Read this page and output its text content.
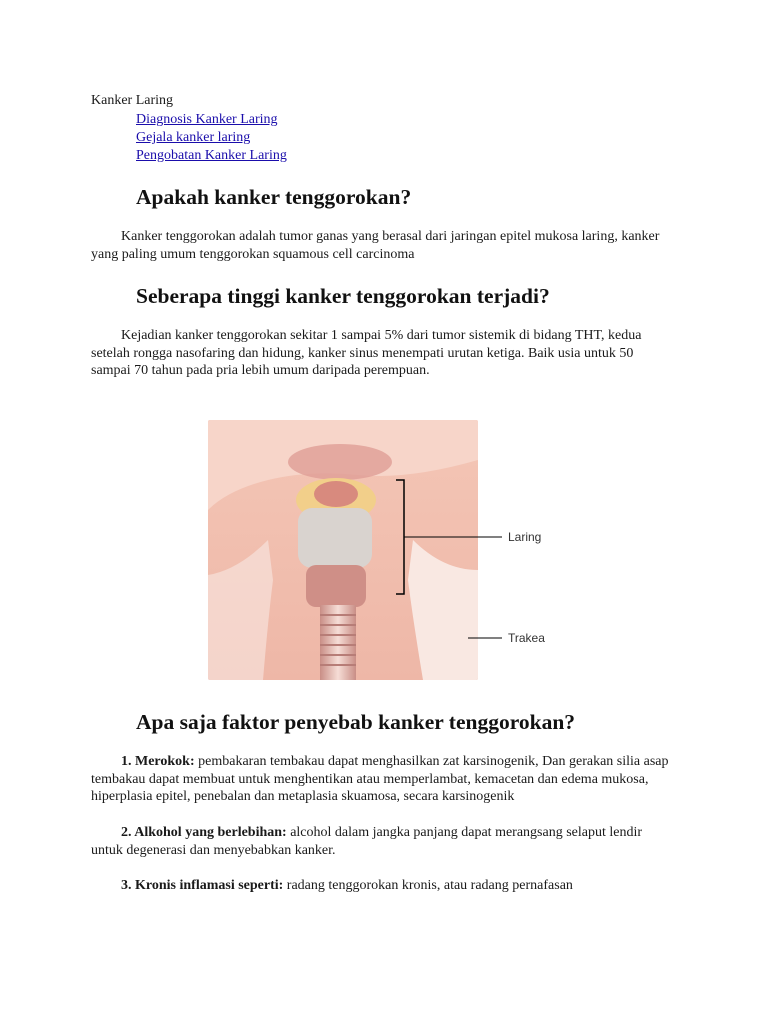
Kanker Laring
Diagnosis Kanker Laring
Gejala kanker laring
Pengobatan Kanker Laring
Apakah kanker tenggorokan?

Kanker tenggorokan adalah tumor ganas yang berasal dari jaringan epitel mukosa laring, kanker yang paling umum tenggorokan squamous cell carcinoma

Seberapa tinggi kanker tenggorokan terjadi?

Kejadian kanker tenggorokan sekitar 1 sampai 5% dari tumor sistemik di bidang THT, kedua setelah rongga nasofaring dan hidung, kanker sinus menempati urutan ketiga. Baik usia untuk 50 sampai 70 tahun pada pria lebih umum daripada perempuan.

Laring
Trakea
Apa saja faktor penyebab kanker tenggorokan?

1. Merokok: pembakaran tembakau dapat menghasilkan zat karsinogenik, Dan gerakan silia asap tembakau dapat membuat untuk menghentikan atau memperlambat, kemacetan dan edema mukosa, hiperplasia epitel, penebalan dan metaplasia skuamosa, secara karsinogenik

2. Alkohol yang berlebihan: alcohol dalam jangka panjang dapat merangsang selaput lendir untuk degenerasi dan menyebabkan kanker.

3. Kronis inflamasi seperti: radang tenggorokan kronis, atau radang pernafasan
